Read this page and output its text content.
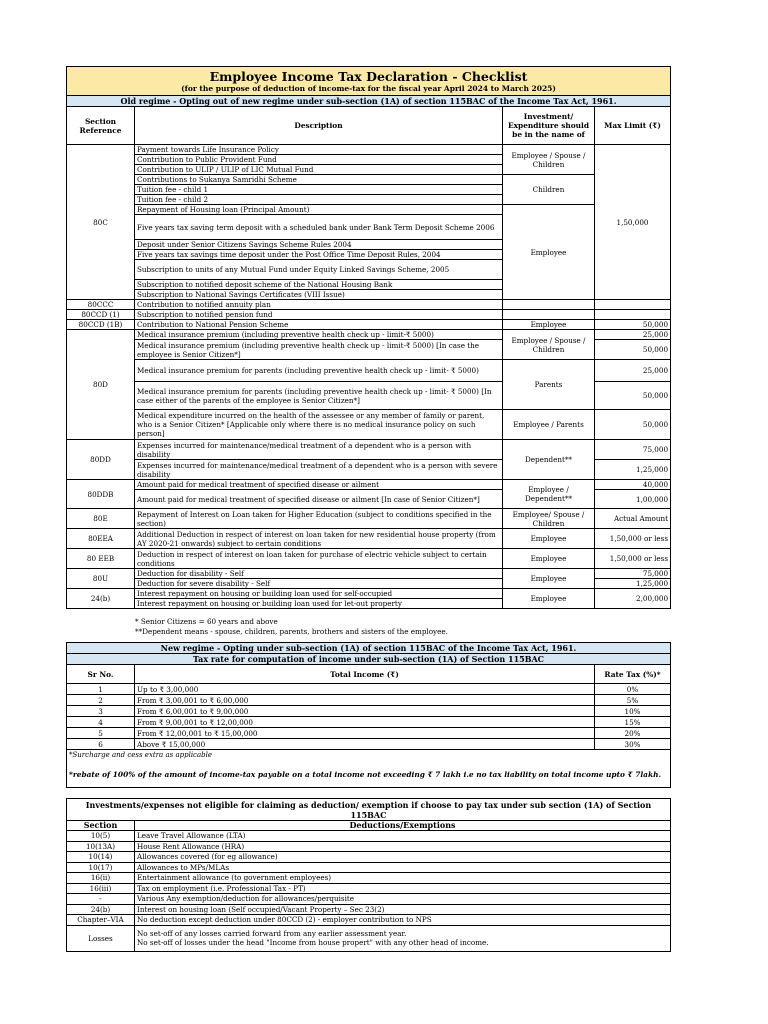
Employee Income Tax Declaration - Checklist
(for the purpose of deduction of income-tax for the fiscal year April 2024 to March 2025)			

Old regime - Opting out of new regime under sub-section (1A) of section 115BAC of the Income Tax Act, 1961.			
Section Reference	Description	Investment/ Expenditure should be in the name of	Max Limit (₹)
80C	Payment towards Life Insurance Policy	Employee / Spouse / Children	1,50,000
	Contribution to Public Provident Fund		
	Contribution to ULIP / ULIP of LIC Mutual Fund		
	Contributions to Sukanya Samridhi Scheme	Children	
	Tuition fee - child 1		
	Tuition fee - child 2		
	Repayment of Housing loan (Principal Amount)	Employee	
	Five years tax saving term deposit with a scheduled bank under Bank Term Deposit Scheme 2006		
	Deposit under Senior Citizens Savings Scheme Rules 2004		
	Five years tax savings time deposit under the Post Office Time Deposit Rules, 2004		
	Subscription to units of any Mutual Fund under Equity Linked Savings Scheme, 2005		
	Subscription to notified deposit scheme of the National Housing Bank		
	Subscription to National Savings Certificates (VIII Issue)		
80CCC	Contribution to notified annuity plan		
80CCD (1)	Subscription to notified pension fund		
80CCD (1B)	Contribution to National Pension Scheme	Employee	50,000
80D	Medical insurance premium (including preventive health check up - limit-₹ 5000)	Employee / Spouse / Children	25,000
	Medical insurance premium (including preventive health check up - limit-₹ 5000) [In case the employee is Senior Citizen*]		50,000
	Medical insurance premium for parents (including preventive health check up - limit- ₹ 5000)	Parents	25,000
	Medical insurance premium for parents (including preventive health check up - limit- ₹ 5000) [In case either of the parents of the employee is Senior Citizen*]		50,000
	Medical expenditure incurred on the health of the assessee or any member of family or parent, who is a Senior Citizen* [Applicable only where there is no medical insurance policy on such person]	Employee / Parents	50,000
80DD	Expenses incurred for maintenance/medical treatment of a dependent who is a person with disability	Dependent**	75,000
	Expenses incurred for maintenance/medical treatment of a dependent who is a person with severe disability		1,25,000
80DDB	Amount paid for medical treatment of specified disease or ailment	Employee / Dependent**	40,000
	Amount paid for medical treatment of specified disease or ailment [In case of Senior Citizen*]		1,00,000
80E	Repayment of Interest on Loan taken for Higher Education (subject to conditions specified in the section)	Employee/ Spouse / Children	Actual Amount
80EEA	Additional Deduction in respect of interest on loan taken for new residential house property (from AY 2020-21 onwards) subject to certain conditions	Employee	1,50,000 or less
80 EEB	Deduction in respect of interest on loan taken for purchase of electric vehicle subject to certain conditions	Employee	1,50,000 or less
80U	Deduction for disability - Self	Employee	75,000
	Deduction for severe disability - Self		1,25,000
24(b)	Interest repayment on housing or building loan used for self-occupied	Employee	2,00,000
	Interest repayment on housing or building loan used for let-out property		
* Senior Citizens = 60 years and above
**Dependent means - spouse, children, parents, brothers and sisters of the employee.
New regime - Opting under sub-section (1A) of section 115BAC of the Income Tax Act, 1961.		
Tax rate for computation of income under sub-section (1A) of Section 115BAC		
Sr No.	Total Income (₹)	Rate Tax (%)*
1	Up to ₹ 3,00,000	0%
2	From ₹ 3,00,001 to ₹ 6,00,000	5%
3	From ₹ 6,00,001 to ₹ 9,00,000	10%
4	From ₹ 9,00,001 to ₹ 12,00,000	15%
5	From ₹ 12,00,001 to ₹ 15,00,000	20%
6	Above ₹ 15,00,000	30%
*Surcharge and cess extra as applicable		
*rebate of 100% of the amount of income-tax payable on a total income not exceeding ₹ 7 lakh i.e no tax liability on total income upto ₹ 7lakh.		
Investments/expenses not eligible for claiming as deduction/ exemption if choose to pay tax under sub section (1A) of Section 115BAC	
Section	Deductions/Exemptions
10(5)	Leave Travel Allowance (LTA)
10(13A)	House Rent Allowance (HRA)
10(14)	Allowances covered (for eg allowance)
10(17)	Allowances to MPs/MLAs
16(ii)	Entertainment allowance (to government employees)
16(iii)	Tax on employment (i.e. Professional Tax - PT)
-	Various Any exemption/deduction for allowances/perquisite
24(b)	Interest on housing loan (Self occupied/Vacant Property – Sec 23(2)
Chapter–VIA	No deduction except deduction under 80CCD (2) - employer contribution to NPS
Losses	No set-off of any losses carried forward from any earlier assessment year.
No set-off of losses under the head "Income from house propert" with any other head of income.
